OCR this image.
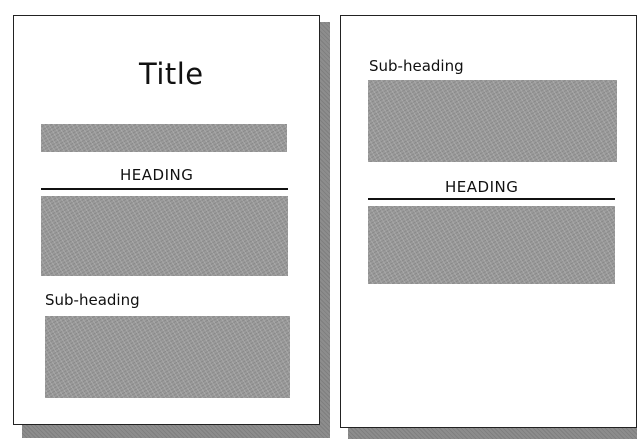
Title
HEADING
Sub-heading
Sub-heading
HEADING
